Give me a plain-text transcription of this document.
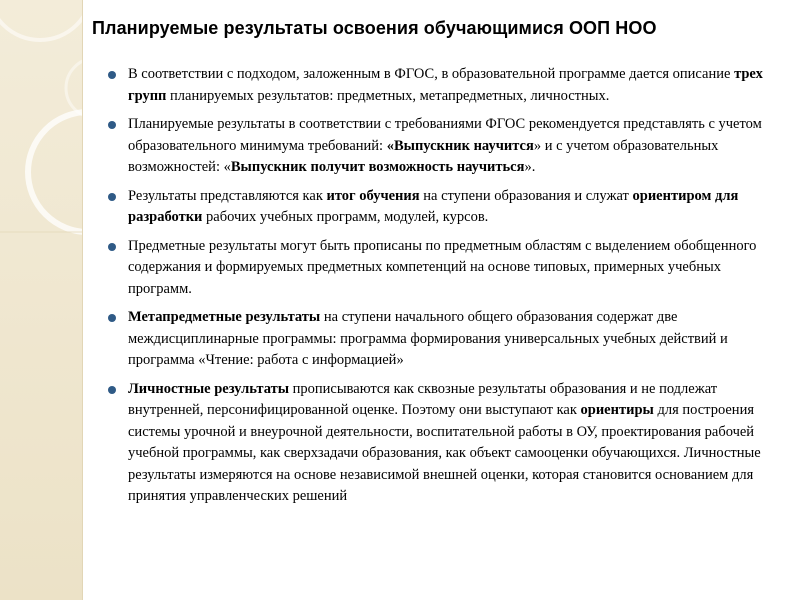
Планируемые результаты освоения обучающимися ООП НОО
В соответствии с подходом, заложенным в ФГОС, в образовательной программе дается описание трех групп планируемых результатов: предметных, метапредметных, личностных.
Планируемые результаты в соответствии с требованиями ФГОС рекомендуется представлять с учетом образовательного минимума требований: «Выпускник научится» и с учетом образовательных возможностей: «Выпускник получит возможность научиться».
Результаты представляются как итог обучения на ступени образования и служат ориентиром для разработки рабочих учебных программ, модулей, курсов.
Предметные результаты могут быть прописаны по предметным областям с выделением обобщенного содержания и формируемых предметных компетенций на основе типовых, примерных учебных программ.
Метапредметные результаты на ступени начального общего образования содержат две междисциплинарные программы: программа формирования универсальных учебных действий и программа «Чтение: работа с информацией»
Личностные результаты прописываются как сквозные результаты образования и не подлежат внутренней, персонифицированной оценке. Поэтому они выступают как ориентиры для построения системы урочной и внеурочной деятельности, воспитательной работы в ОУ, проектирования рабочей учебной программы, как сверхзадачи образования, как объект самооценки обучающихся. Личностные результаты измеряются на основе независимой внешней оценки, которая становится основанием для принятия управленческих решений
